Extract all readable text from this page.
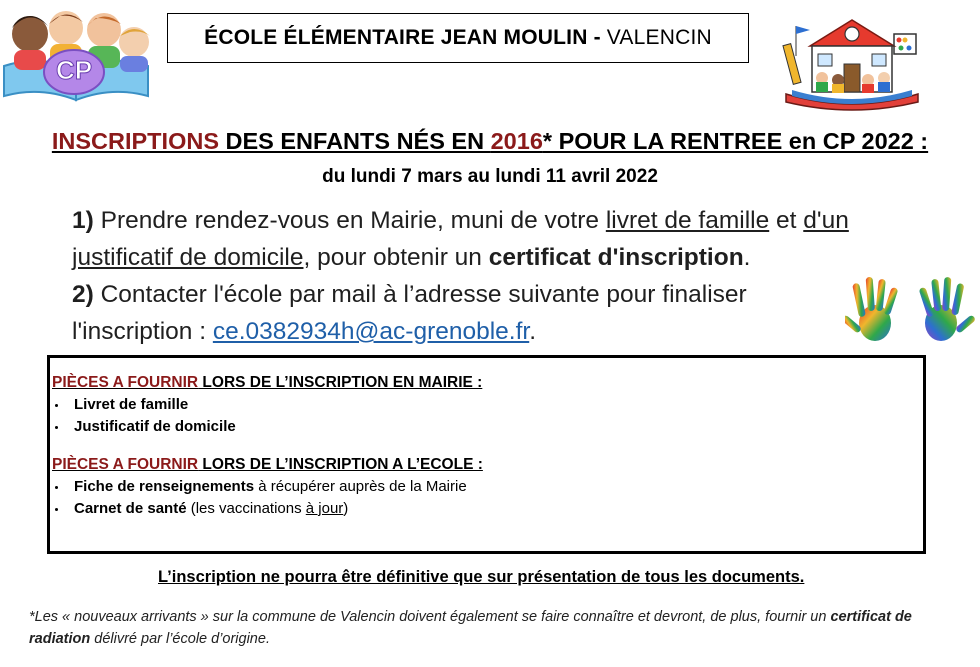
CP
ÉCOLE ÉLÉMENTAIRE JEAN MOULIN - VALENCIN
INSCRIPTIONS DES ENFANTS NÉS EN 2016* POUR LA RENTREE en CP 2022 :
du lundi 7 mars au lundi 11 avril 2022

1) Prendre rendez-vous en Mairie, muni de votre livret de famille et d'un justificatif de domicile, pour obtenir un certificat d'inscription.

2) Contacter l'école par mail à l’adresse suivante pour finaliser l'inscription : ce.0382934h@ac-grenoble.fr.

PIÈCES A FOURNIR LORS DE L’INSCRIPTION EN MAIRIE :
Livret de famille
Justificatif de domicile
PIÈCES A FOURNIR LORS DE L’INSCRIPTION A L’ECOLE :
Fiche de renseignements à récupérer auprès de la Mairie
Carnet de santé (les vaccinations à jour)
L’inscription ne pourra être définitive que sur présentation de tous les documents.
*Les « nouveaux arrivants » sur la commune de Valencin doivent également se faire connaître et devront, de plus, fournir un certificat de radiation délivré par l’école d’origine.
